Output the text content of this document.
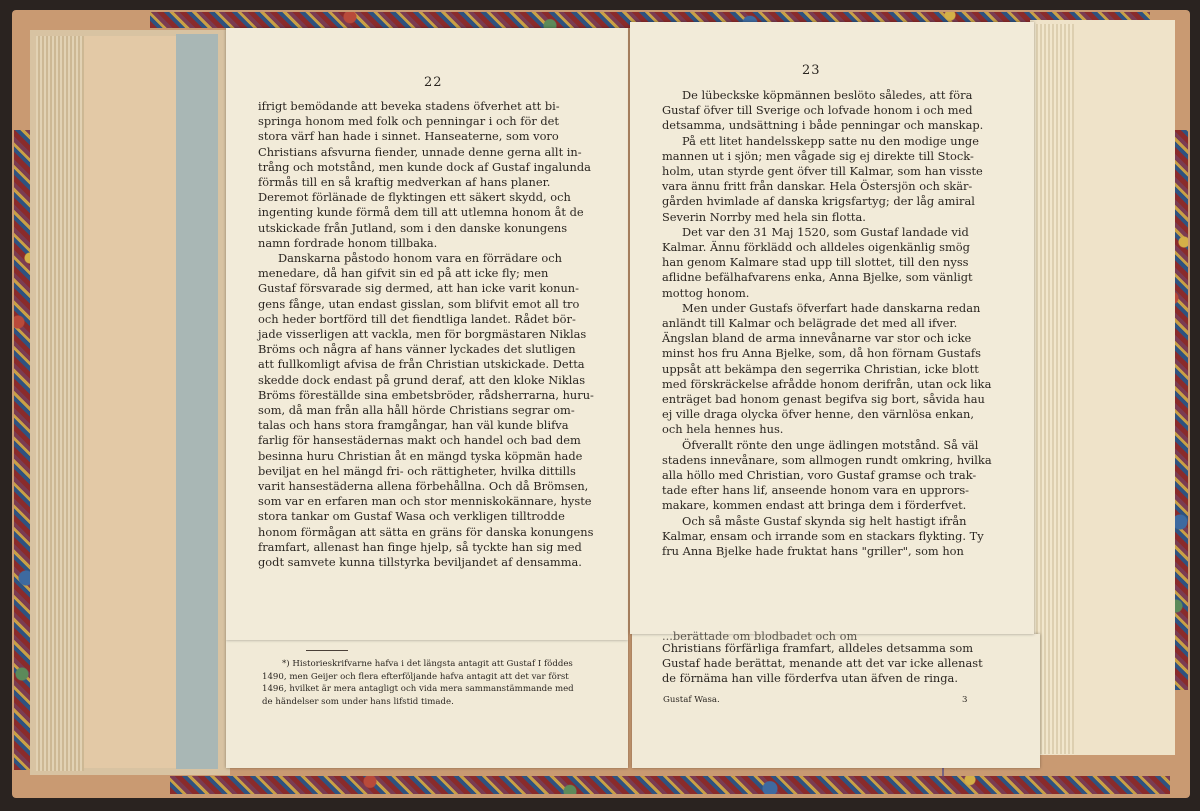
22
23
ifrigt bemödande att beveka stadens öfverhet att bi-
springa honom med folk och penningar i och för det
stora värf han hade i sinnet. Hanseaterne, som voro
Christians afsvurna fiender, unnade denne gerna allt in-
trång och motstånd, men kunde dock af Gustaf ingalunda
förmås till en så kraftig medverkan af hans planer.
Deremot förlänade de flyktingen ett säkert skydd, och
ingenting kunde förmå dem till att utlemna honom åt de
utskickade från Jutland, som i den danske konungens
namn fordrade honom tillbaka.
Danskarna påstodo honom vara en förrädare och
menedare, då han gifvit sin ed på att icke fly; men
Gustaf försvarade sig dermed, att han icke varit konun-
gens fånge, utan endast gisslan, som blifvit emot all tro
och heder bortförd till det fiendtliga landet. Rådet bör-
jade visserligen att vackla, men för borgmästaren Niklas
Bröms och några af hans vänner lyckades det slutligen
att fullkomligt afvisa de från Christian utskickade. Detta
skedde dock endast på grund deraf, att den kloke Niklas
Bröms föreställde sina embetsbröder, rådsherrarna, huru-
som, då man från alla håll hörde Christians segrar om-
talas och hans stora framgångar, han väl kunde blifva
farlig för hansestädernas makt och handel och bad dem
besinna huru Christian åt en mängd tyska köpmän hade
beviljat en hel mängd fri- och rättigheter, hvilka dittills
varit hansestäderna allena förbehållna. Och då Brömsen,
som var en erfaren man och stor menniskokännare, hyste
stora tankar om Gustaf Wasa och verkligen tilltrodde
honom förmågan att sätta en gräns för danska konungens
framfart, allenast han finge hjelp, så tyckte han sig med
godt samvete kunna tillstyrka beviljandet af densamma.
De lübeckske köpmännen beslöto således, att föra
Gustaf öfver till Sverige och lofvade honom i och med
detsamma, undsättning i både penningar och manskap.
På ett litet handelsskepp satte nu den modige unge
mannen ut i sjön; men vågade sig ej direkte till Stock-
holm, utan styrde gent öfver till Kalmar, som han visste
vara ännu fritt från danskar. Hela Östersjön och skär-
gården hvimlade af danska krigsfartyg; der låg amiral
Severin Norrby med hela sin flotta.
Det var den 31 Maj 1520, som Gustaf landade vid
Kalmar. Ännu förklädd och alldeles oigenkänlig smög
han genom Kalmare stad upp till slottet, till den nyss
aflidne befälhafvarens enka, Anna Bjelke, som vänligt
mottog honom.
Men under Gustafs öfverfart hade danskarna redan
anländt till Kalmar och belägrade det med all ifver.
Ängslan bland de arma innevånarne var stor och icke
minst hos fru Anna Bjelke, som, då hon förnam Gustafs
uppsåt att bekämpa den segerrika Christian, icke blott
med förskräckelse afrådde honom derifrån, utan ock lika
enträget bad honom genast begifva sig bort, såvida hau
ej ville draga olycka öfver henne, den värnlösa enkan,
och hela hennes hus.
Öfverallt rönte den unge ädlingen motstånd. Så väl
stadens innevånare, som allmogen rundt omkring, hvilka
alla höllo med Christian, voro Gustaf gramse och trak-
tade efter hans lif, anseende honom vara en upprors-
makare, kommen endast att bringa dem i förderfvet.
Och så måste Gustaf skynda sig helt hastigt ifrån
Kalmar, ensam och irrande som en stackars flykting. Ty
fru Anna Bjelke hade fruktat hans "griller", som hon
*) Historieskrifvarne hafva i det längsta antagit att Gustaf I föddes
1490, men Geijer och flera efterföljande hafva antagit att det var först
1496, hvilket är mera antagligt och vida mera sammanstämmande med
de händelser som under hans lifstid timade.
...berättade om blodbadet och om
Christians förfärliga framfart, alldeles detsamma som
Gustaf hade berättat, menande att det var icke allenast
de förnäma han ville förderfva utan äfven de ringa.
Gustaf Wasa.	3
